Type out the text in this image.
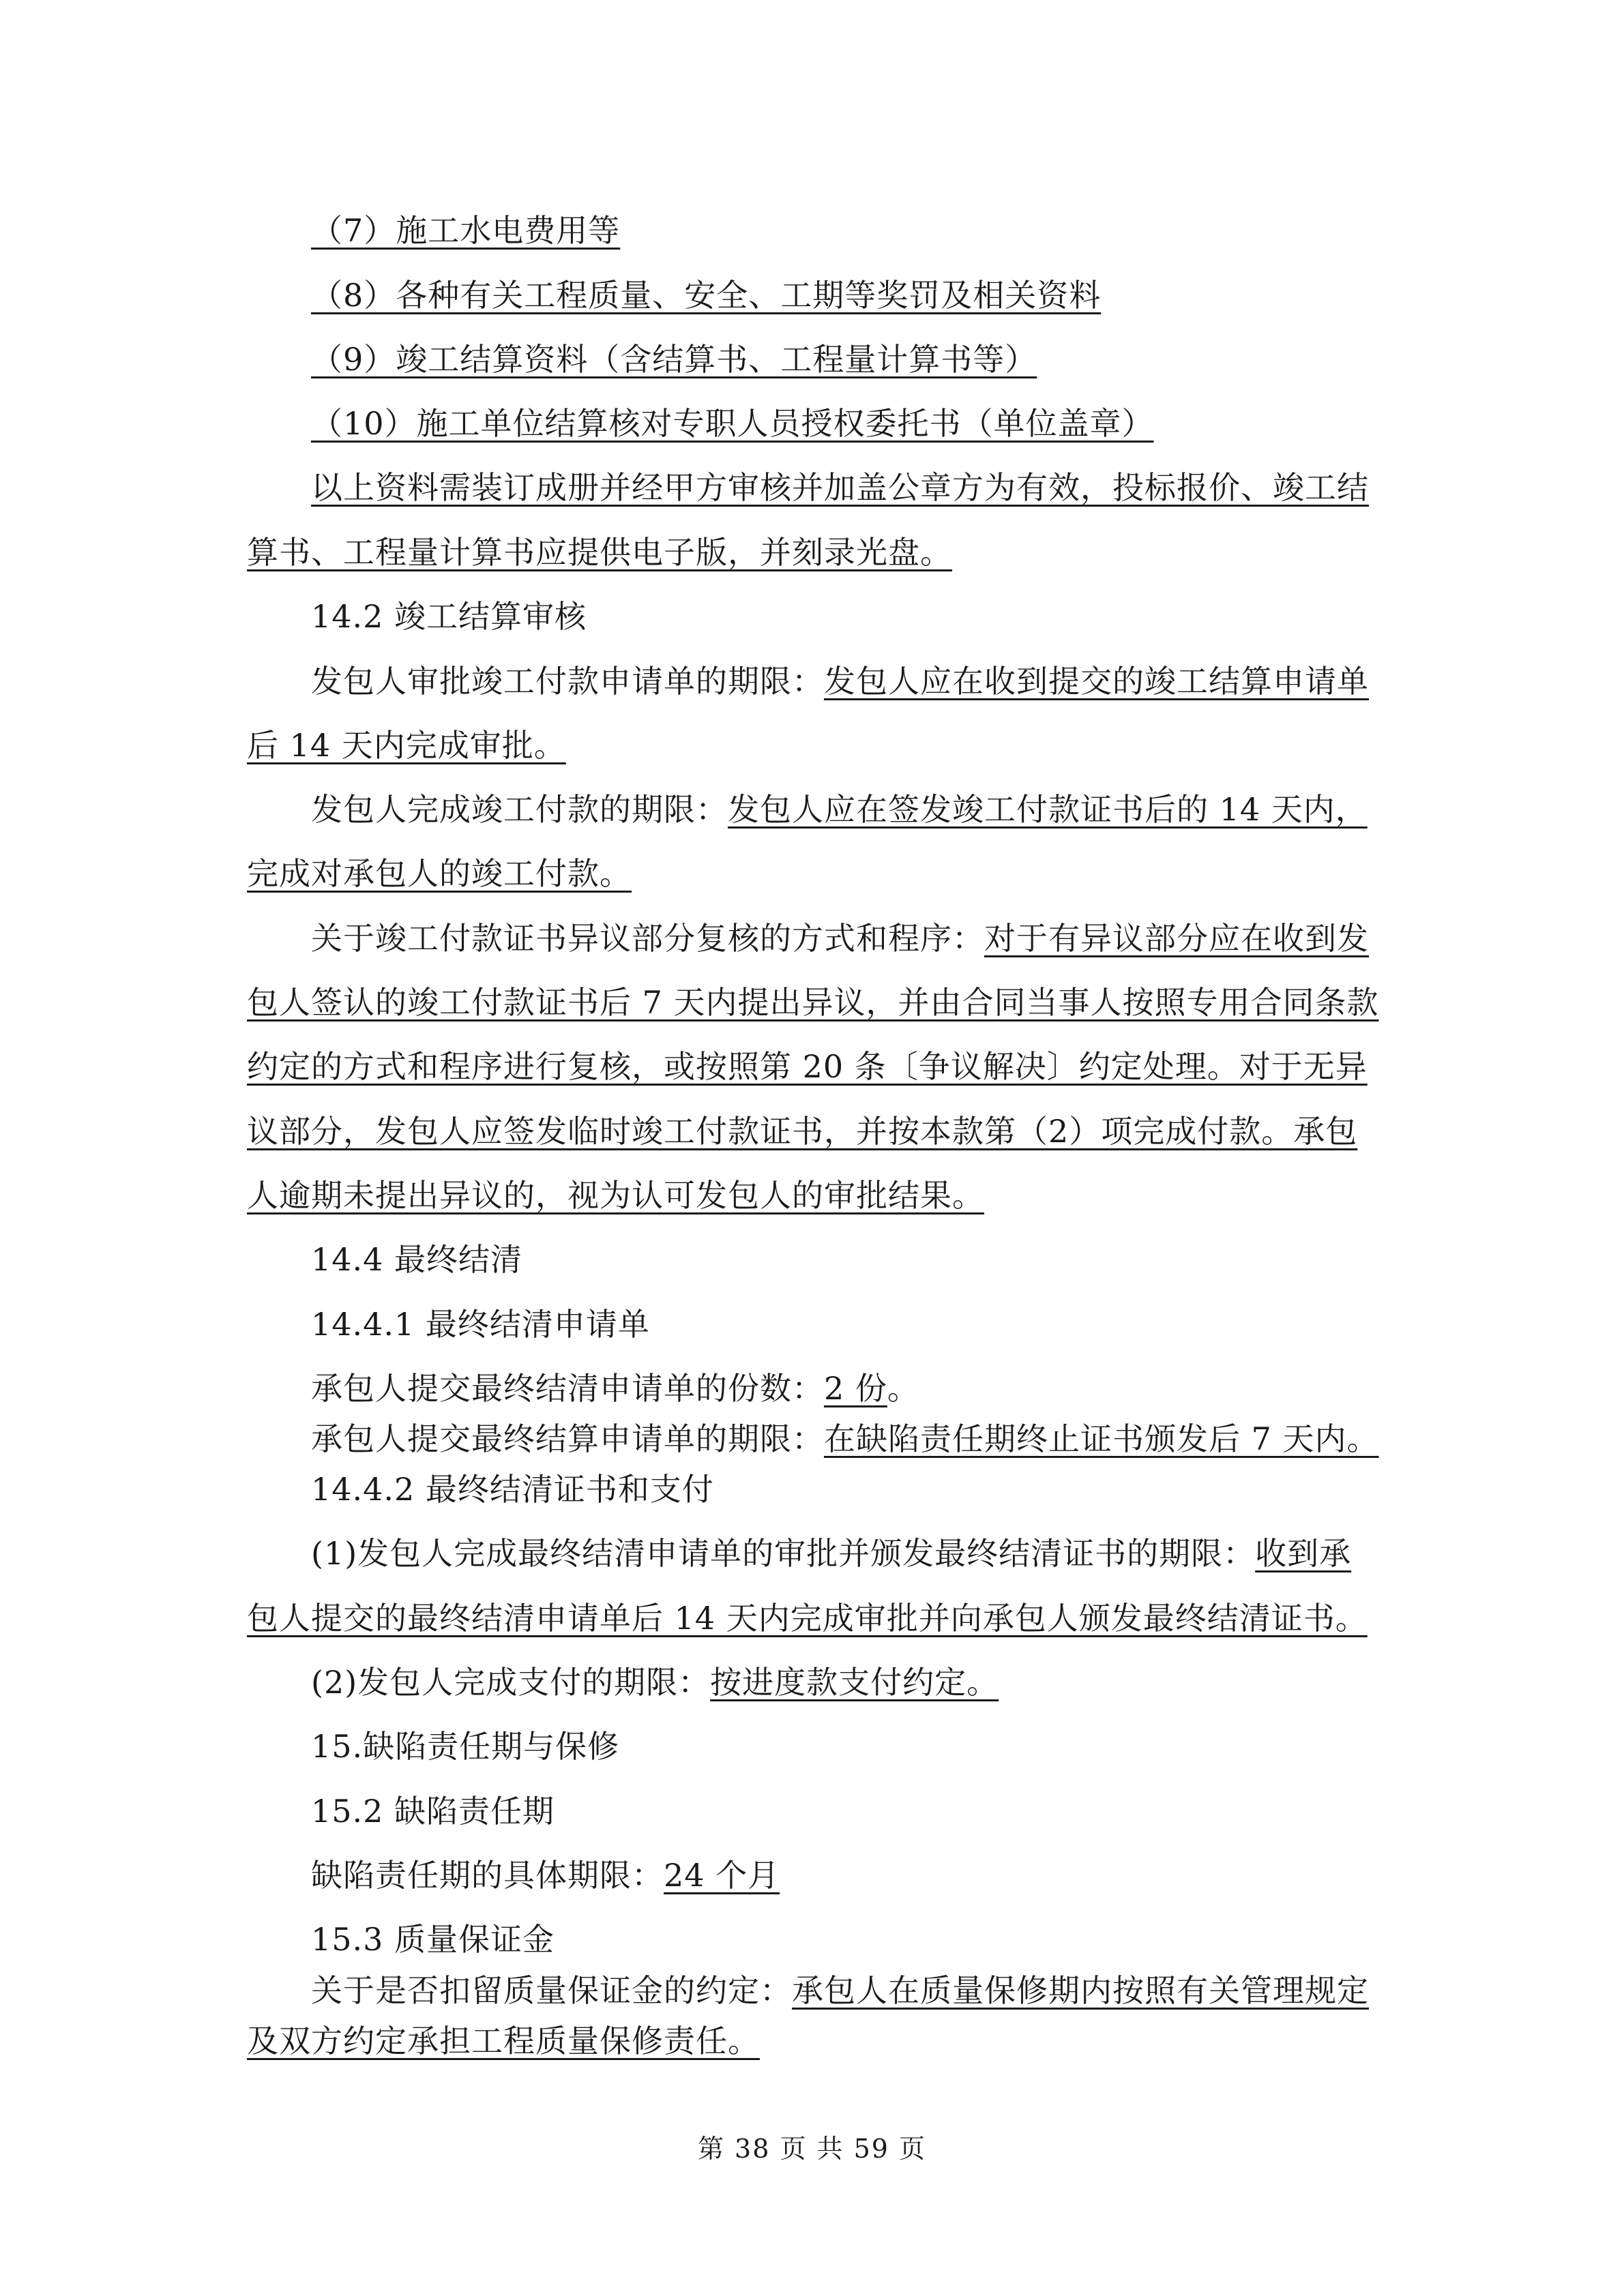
（7）施工水电费用等
（8）各种有关工程质量、安全、工期等奖罚及相关资料
（9）竣工结算资料（含结算书、工程量计算书等）
（10）施工单位结算核对专职人员授权委托书（单位盖章）
以上资料需装订成册并经甲方审核并加盖公章方为有效，投标报价、竣工结
算书、工程量计算书应提供电子版，并刻录光盘。
14.2 竣工结算审核
发包人审批竣工付款申请单的期限：发包人应在收到提交的竣工结算申请单
后 14 天内完成审批。
发包人完成竣工付款的期限：发包人应在签发竣工付款证书后的 14 天内，
完成对承包人的竣工付款。
关于竣工付款证书异议部分复核的方式和程序：对于有异议部分应在收到发
包人签认的竣工付款证书后 7 天内提出异议，并由合同当事人按照专用合同条款
约定的方式和程序进行复核，或按照第 20 条〔争议解决〕约定处理。对于无异
议部分，发包人应签发临时竣工付款证书，并按本款第（2）项完成付款。承包
人逾期未提出异议的，视为认可发包人的审批结果。
14.4 最终结清
14.4.1 最终结清申请单
承包人提交最终结清申请单的份数：2 份。
承包人提交最终结算申请单的期限：在缺陷责任期终止证书颁发后 7 天内。
14.4.2 最终结清证书和支付
(1)发包人完成最终结清申请单的审批并颁发最终结清证书的期限：收到承
包人提交的最终结清申请单后 14 天内完成审批并向承包人颁发最终结清证书。
(2)发包人完成支付的期限：按进度款支付约定。
15.缺陷责任期与保修
15.2 缺陷责任期
缺陷责任期的具体期限：24 个月
15.3 质量保证金
关于是否扣留质量保证金的约定：承包人在质量保修期内按照有关管理规定
及双方约定承担工程质量保修责任。
第 38 页 共 59 页
